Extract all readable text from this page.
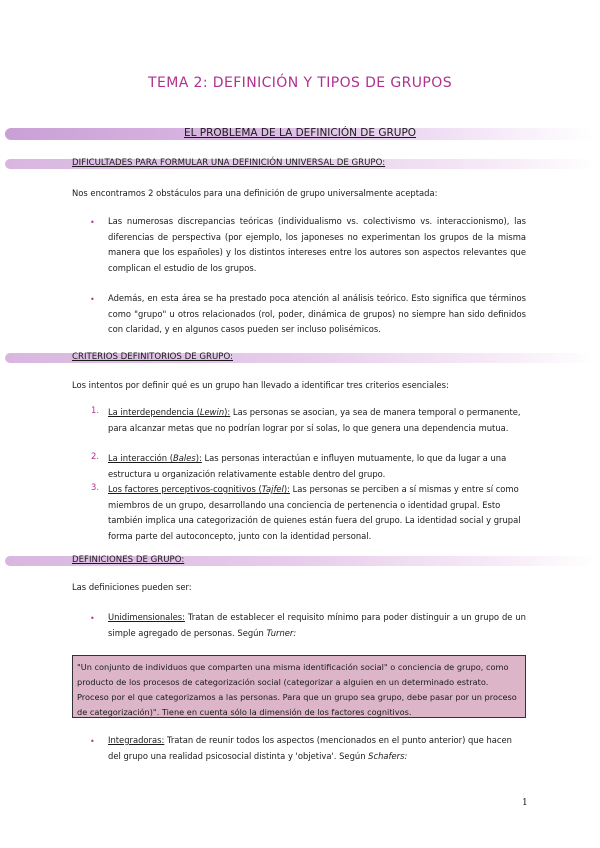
TEMA 2: DEFINICIÓN Y TIPOS DE GRUPOS
EL PROBLEMA DE LA DEFINICIÓN DE GRUPO
DIFICULTADES PARA FORMULAR UNA DEFINICIÓN UNIVERSAL DE GRUPO:
Nos encontramos 2 obstáculos para una definición de grupo universalmente aceptada:
• Las numerosas discrepancias teóricas (individualismo vs. colectivismo vs. interaccionismo), las diferencias de perspectiva (por ejemplo, los japoneses no experimentan los grupos de la misma manera que los españoles) y los distintos intereses entre los autores son aspectos relevantes que complican el estudio de los grupos.

• Además, en esta área se ha prestado poca atención al análisis teórico. Esto significa que términos como "grupo" u otros relacionados (rol, poder, dinámica de grupos) no siempre han sido definidos con claridad, y en algunos casos pueden ser incluso polisémicos.

CRITERIOS DEFINITORIOS DE GRUPO:
Los intentos por definir qué es un grupo han llevado a identificar tres criterios esenciales:
1. La interdependencia (Lewin): Las personas se asocian, ya sea de manera temporal o permanente, para alcanzar metas que no podrían lograr por sí solas, lo que genera una dependencia mutua.

2. La interacción (Bales): Las personas interactúan e influyen mutuamente, lo que da lugar a una estructura u organización relativamente estable dentro del grupo.

3. Los factores perceptivos-cognitivos (Tajfel): Las personas se perciben a sí mismas y entre sí como miembros de un grupo, desarrollando una conciencia de pertenencia o identidad grupal. Esto también implica una categorización de quienes están fuera del grupo. La identidad social y grupal forma parte del autoconcepto, junto con la identidad personal.

DEFINICIONES DE GRUPO:
Las definiciones pueden ser:
• Unidimensionales: Tratan de establecer el requisito mínimo para poder distinguir a un grupo de un simple agregado de personas. Según Turner:

"Un conjunto de individuos que comparten una misma identificación social" o conciencia de grupo, como producto de los procesos de categorización social (categorizar a alguien en un determinado estrato. Proceso por el que categorizamos a las personas. Para que un grupo sea grupo, debe pasar por un proceso de categorización)". Tiene en cuenta sólo la dimensión de los factores cognitivos.

• Integradoras: Tratan de reunir todos los aspectos (mencionados en el punto anterior) que hacen del grupo una realidad psicosocial distinta y 'objetiva'. Según Schafers:

1
